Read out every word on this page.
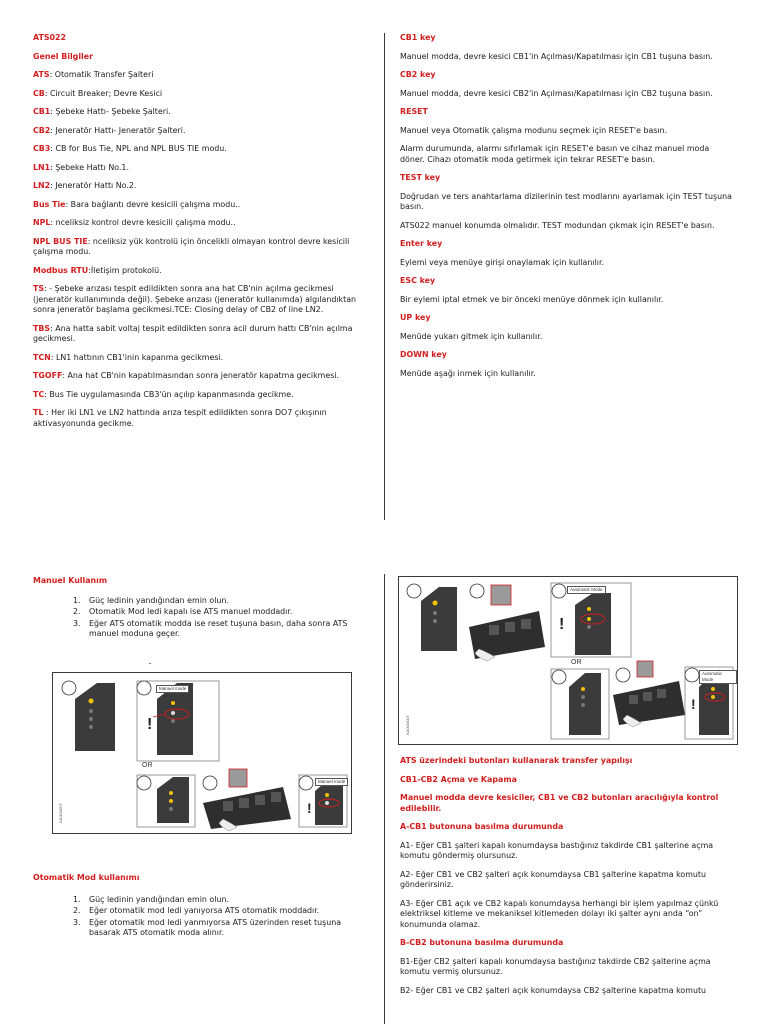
ATS022
Genel Bilgiler
ATS: Otomatik Transfer Şalteri
CB: Circuit Breaker; Devre Kesici
CB1: Şebeke Hattı- Şebeke Şalteri.
CB2: Jeneratör Hattı- Jeneratör Şalteri.
CB3: CB for Bus Tie, NPL and NPL BUS TIE modu.
LN1: Şebeke Hattı No.1.
LN2: Jeneratör Hattı No.2.
Bus Tie: Bara bağlantı devre kesicili çalışma modu..
NPL: nceliksiz kontrol devre kesicili çalışma modu..
NPL BUS TIE: nceliksiz yük kontrolü için öncelikli olmayan kontrol devre kesicili çalışma modu.
Modbus RTU:İletişim protokolü.
TS: - Şebeke arızası tespit edildikten sonra ana hat CB'nin açılma gecikmesi (jeneratör kullanımında değil). Şebeke arızası (jeneratör kullanımda) algılandıktan sonra jeneratör başlama gecikmesi.TCE: Closing delay of CB2 of line LN2.
TBS: Ana hatta sabit voltaj tespit edildikten sonra acil durum hattı CB'nin açılma gecikmesi.
TCN: LN1 hattının CB1'inin kapanma gecikmesi.
TGOFF: Ana hat CB'nin kapatılmasından sonra jeneratör kapatma gecikmesi.
TC: Bus Tie uygulamasında CB3'ün açılıp kapanmasında gecikme.
TL : Her iki LN1 ve LN2 hattında arıza tespit edildikten sonra DO7 çıkışının aktivasyonunda gecikme.
CB1 key
Manuel modda, devre kesici CB1'in Açılması/Kapatılması için CB1 tuşuna basın.
CB2 key
Manuel modda, devre kesici CB2'in Açılması/Kapatılması için CB2 tuşuna basın.
RESET
Manuel veya Otomatik çalışma modunu seçmek için RESET'e basın.
Alarm durumunda, alarmı sıfırlamak için RESET'e basın ve cihaz manuel moda döner. Cihazı otomatik moda getirmek için tekrar RESET'e basın.
TEST key
Doğrudan ve ters anahtarlama dizilerinin test modlarını ayarlamak için TEST tuşuna basın.
ATS022 manuel konumda olmalıdır. TEST modundan çıkmak için RESET'e basın.
Enter key
Eylemi veya menüye girişi onaylamak için kullanılır.
ESC key
Bir eylemi iptal etmek ve bir önceki menüye dönmek için kullanılır.
UP key
Menüde yukarı gitmek için kullanılır.
DOWN key
Menüde aşağı inmek için kullanılır.
Manuel Kullanım
1. Güç ledinin yandığından emin olun.
2. Otomatik Mod ledi kapalı ise ATS manuel moddadır.
3. Eğer ATS otomatik modda ise reset tuşuna basın, daha sonra ATS manuel moduna geçer.
!
!
Manuel mode
Manuel mode
OR
KA00345IT
Otomatik Mod kullanımı
1. Güç ledinin yandığından emin olun.
2. Eğer otomatik mod ledi yanıyorsa ATS otomatik moddadır.
3. Eğer otomatik mod ledi yanmıyorsa ATS üzerinden reset tuşuna basarak ATS otomatik moda alınır.
!
!
Automatic Mode
Automatic Mode
OR
KA00344IT
ATS üzerindeki butonları kullanarak transfer yapılışı
CB1-CB2 Açma ve Kapama
Manuel modda devre kesiciler, CB1 ve CB2 butonları aracılığıyla kontrol edilebilir.
A-CB1 butonuna basılma durumunda
A1- Eğer CB1 şalteri kapalı konumdaysa bastığınız takdirde CB1 şalterine açma komutu göndermiş olursunuz.
A2- Eğer CB1 ve CB2 şalteri açık konumdaysa CB1 şalterine kapatma komutu gönderirsiniz.
A3- Eğer CB1 açık ve CB2 kapalı konumdaysa herhangi bir işlem yapılmaz çünkü elektriksel kitleme ve mekaniksel kitlemeden dolayı iki şalter aynı anda “on” konumunda olamaz.
B-CB2 butonuna basılma durumunda
B1-Eğer CB2 şalteri kapalı konumdaysa bastığınız takdirde CB2 şalterine açma komutu vermiş olursunuz.
B2- Eğer CB1 ve CB2 şalteri açık konumdaysa CB2 şalterine kapatma komutu
